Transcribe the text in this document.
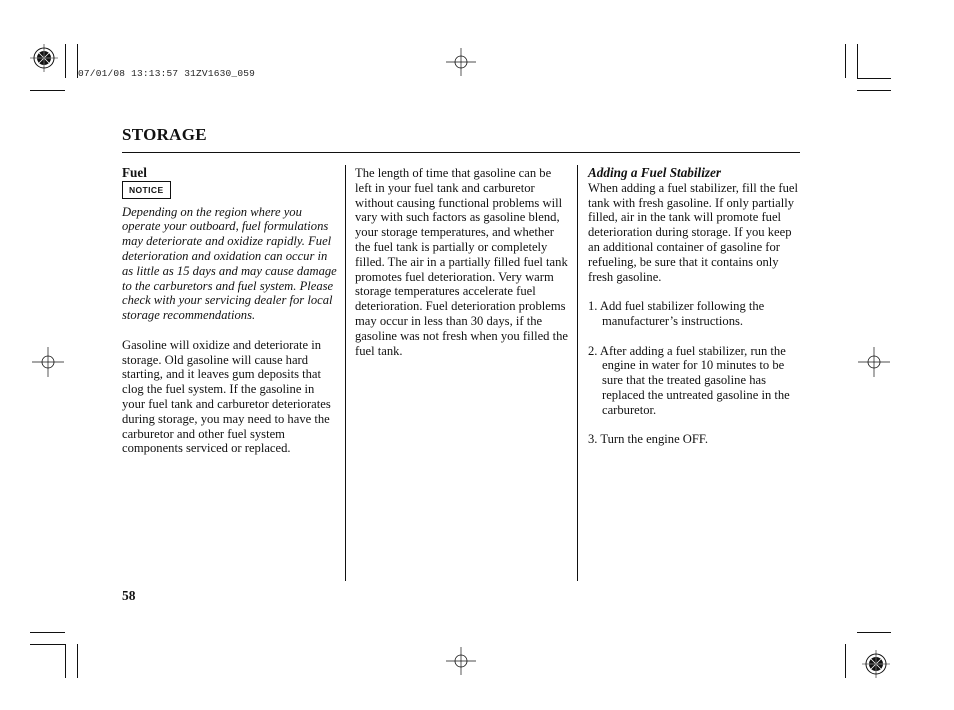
07/01/08 13:13:57 31ZV1630_059
STORAGE

Fuel

NOTICE

Depending on the region where you operate your outboard, fuel formulations may deteriorate and oxidize rapidly. Fuel deterioration and oxidation can occur in as little as 15 days and may cause damage to the carburetors and fuel system. Please check with your servicing dealer for local storage recommendations.

Gasoline will oxidize and deteriorate in storage. Old gasoline will cause hard starting, and it leaves gum deposits that clog the fuel system. If the gasoline in your fuel tank and carburetor deteriorates during storage, you may need to have the carburetor and other fuel system components serviced or replaced.

The length of time that gasoline can be left in your fuel tank and carburetor without causing functional problems will vary with such factors as gasoline blend, your storage temperatures, and whether the fuel tank is partially or completely filled. The air in a partially filled fuel tank promotes fuel deterioration. Very warm storage temperatures accelerate fuel deterioration. Fuel deterioration problems may occur in less than 30 days, if the gasoline was not fresh when you filled the fuel tank.

Adding a Fuel Stabilizer

When adding a fuel stabilizer, fill the fuel tank with fresh gasoline. If only partially filled, air in the tank will promote fuel deterioration during storage. If you keep an additional container of gasoline for refueling, be sure that it contains only fresh gasoline.

1. Add fuel stabilizer following the manufacturer’s instructions.
2. After adding a fuel stabilizer, run the engine in water for 10 minutes to be sure that the treated gasoline has replaced the untreated gasoline in the carburetor.
3. Turn the engine OFF.
58
